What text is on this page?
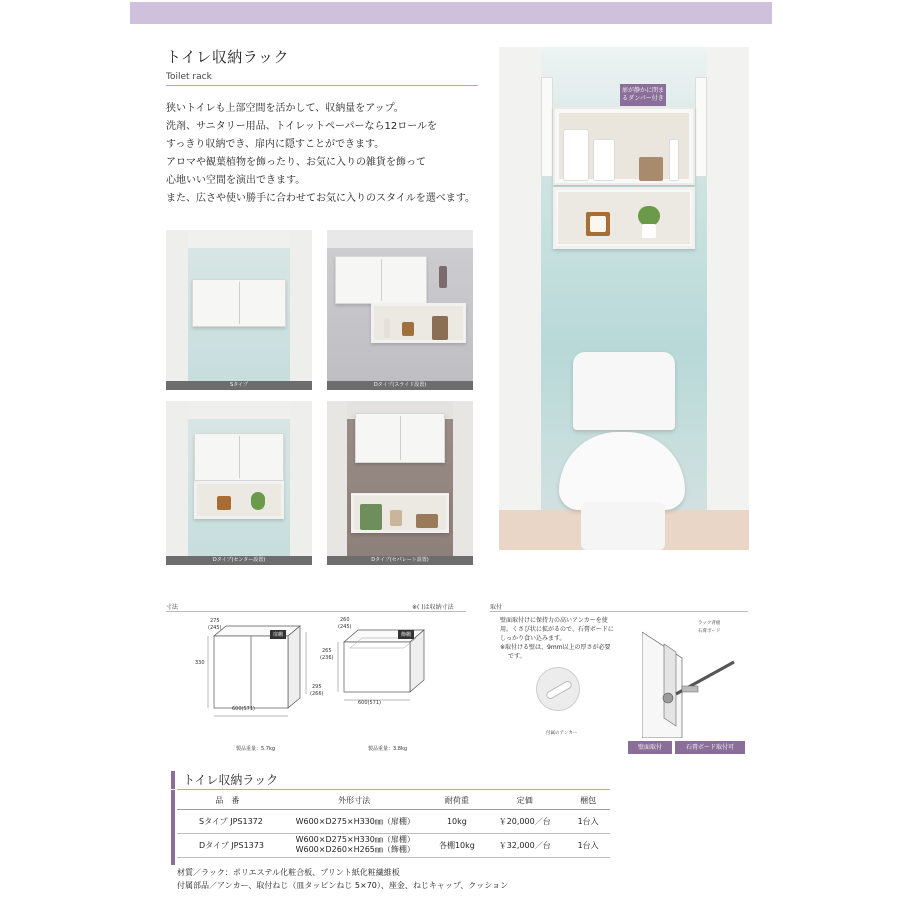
トイレ収納ラック
Toilet rack

狭いトイレも上部空間を活かして、収納量をアップ。

洗剤、サニタリー用品、トイレットペーパーなら12ロールを

すっきり収納でき、扉内に隠すことができます。

アロマや観葉植物を飾ったり、お気に入りの雑貨を飾って

心地いい空間を演出できます。

また、広さや使い勝手に合わせてお気に入りのスタイルを選べます。

Sタイプ	Dタイプ(スライド設置)
Dタイプ(センター設置)	Dタイプ(セパレート設置)
扉が静かに閉まるダンパー付き
寸法	※( )は収納寸法
275
(245)
扉棚
330
295
(266)
600(571)
製品重量：5.7kg
260
(245)
飾棚
265
(236)
600(571)
製品重量：3.8kg
取付

壁面取付けに保持力の高いアンカーを使

用。くさび状に拡がるので、石膏ボードに

しっかり食い込みます。

※取付ける壁は、9mm以上の厚さが必要

です。

付属のアンカー
ラック背板
石膏ボード
壁面取付	石膏ボード取付可
トイレ収納ラック
品　番	外形寸法	耐荷重	定価	梱包
Sタイプ JPS1372	W600×D275×H330㎜（扉棚）	10kg	￥20,000／台	1台入
Dタイプ JPS1373	W600×D275×H330㎜（扉棚）
W600×D260×H265㎜（飾棚）	各棚10kg	￥32,000／台	1台入
材質／ラック：ポリエステル化粧合板、プリント紙化粧繊維板
付属部品／アンカー、取付ねじ（皿タッピンねじ 5×70）、座金、ねじキャップ、クッション
